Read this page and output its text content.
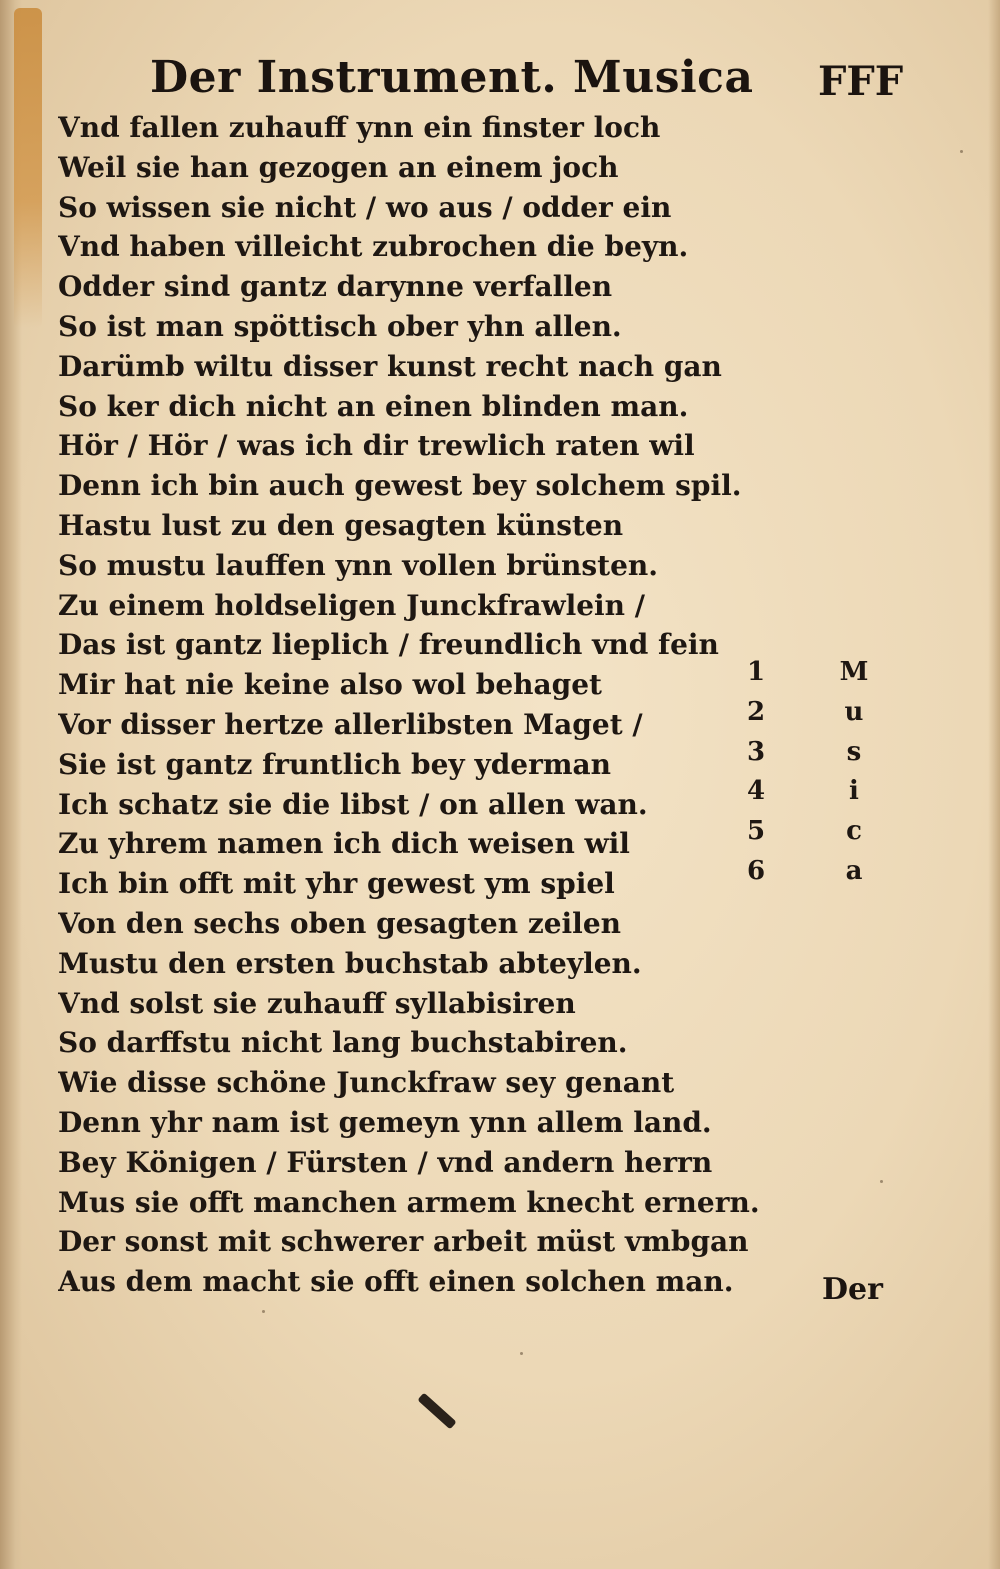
Der Instrument. Musica FFF
Vnd fallen zuhauff ynn ein finster loch
Weil sie han gezogen an einem joch
So wissen sie nicht / wo aus / odder ein
Vnd haben villeicht zubrochen die beyn.
Odder sind gantz darynne verfallen
So ist man spöttisch ober yhn allen.
Darümb wiltu disser kunst recht nach gan
So ker dich nicht an einen blinden man.
Hör / Hör / was ich dir trewlich raten wil
Denn ich bin auch gewest bey solchem spil.
Hastu lust zu den gesagten künsten
So mustu lauffen ynn vollen brünsten.
Zu einem holdseligen Junckfrawlein /
Das ist gantz lieplich / freundlich vnd fein
Mir hat nie keine also wol behaget
Vor disser hertze allerlibsten Maget /
Sie ist gantz fruntlich bey yderman
Ich schatz sie die libst / on allen wan.
Zu yhrem namen ich dich weisen wil
Ich bin offt mit yhr gewest ym spiel
Von den sechs oben gesagten zeilen
Mustu den ersten buchstab abteylen.
Vnd solst sie zuhauff syllabisiren
So darffstu nicht lang buchstabiren.
Wie disse schöne Junckfraw sey genant
Denn yhr nam ist gemeyn ynn allem land.
Bey Königen / Fürsten / vnd andern herrn
Mus sie offt manchen armem knecht ernern.
Der sonst mit schwerer arbeit müst vmbgan
Aus dem macht sie offt einen solchen man.
1
2
3
4
5
6
M
u
s
i
c
a
Der
